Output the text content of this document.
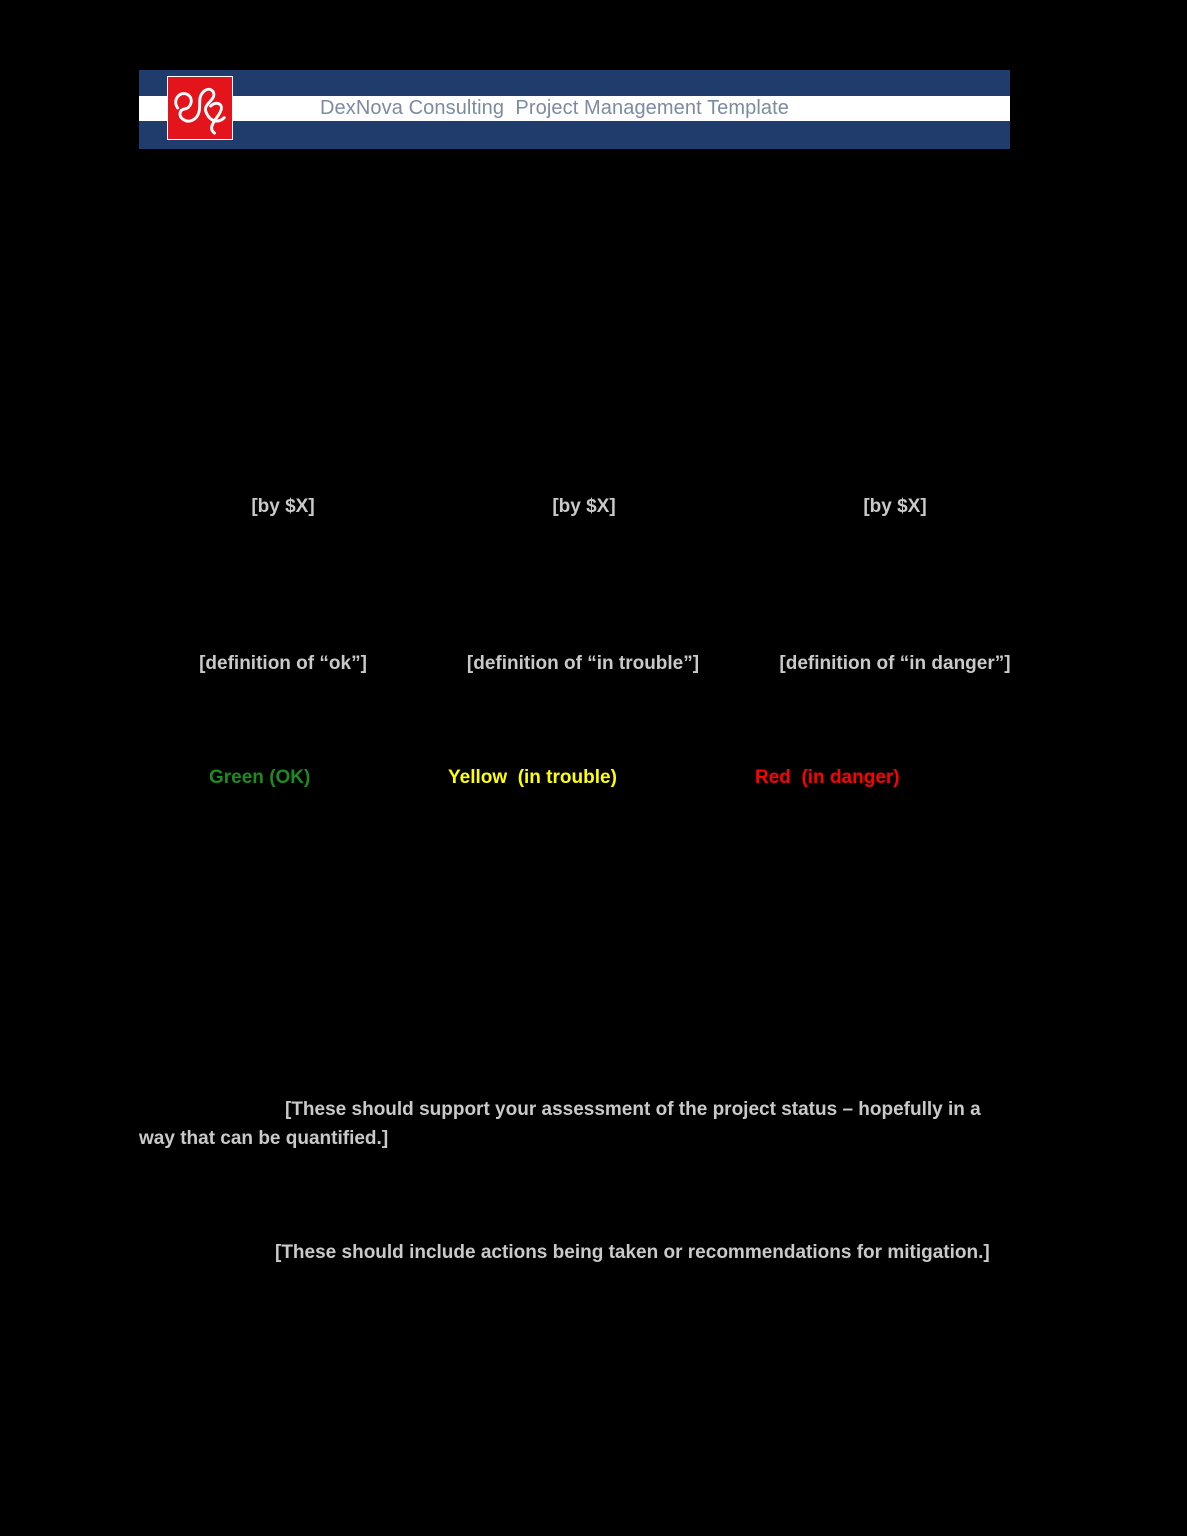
DexNova Consulting  Project Management Template
[by $X]	[by $X]	[by $X]
[definition of “ok”]	[definition of “in trouble”]	[definition of “in danger”]
Green (OK)	Yellow  (in trouble)	Red  (in danger)
[These should support your assessment of the project status – hopefully in a
way that can be quantified.]
[These should include actions being taken or recommendations for mitigation.]
